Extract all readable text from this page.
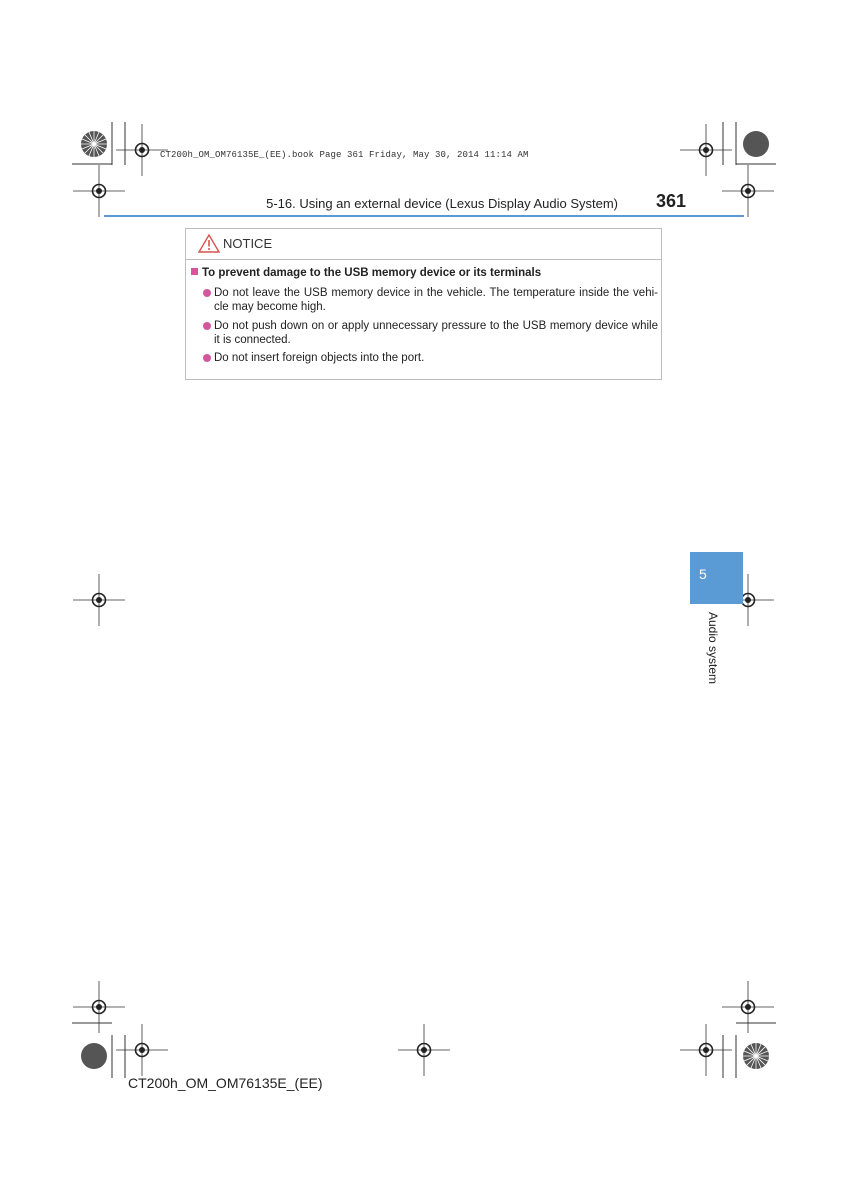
CT200h_OM_OM76135E_(EE).book Page 361 Friday, May 30, 2014 11:14 AM
5-16. Using an external device (Lexus Display Audio System) 361
NOTICE
To prevent damage to the USB memory device or its terminals
Do not leave the USB memory device in the vehicle. The temperature inside the vehi-cle may become high.
Do not push down on or apply unnecessary pressure to the USB memory device while it is connected.
Do not insert foreign objects into the port.
5
Audio system
CT200h_OM_OM76135E_(EE)
